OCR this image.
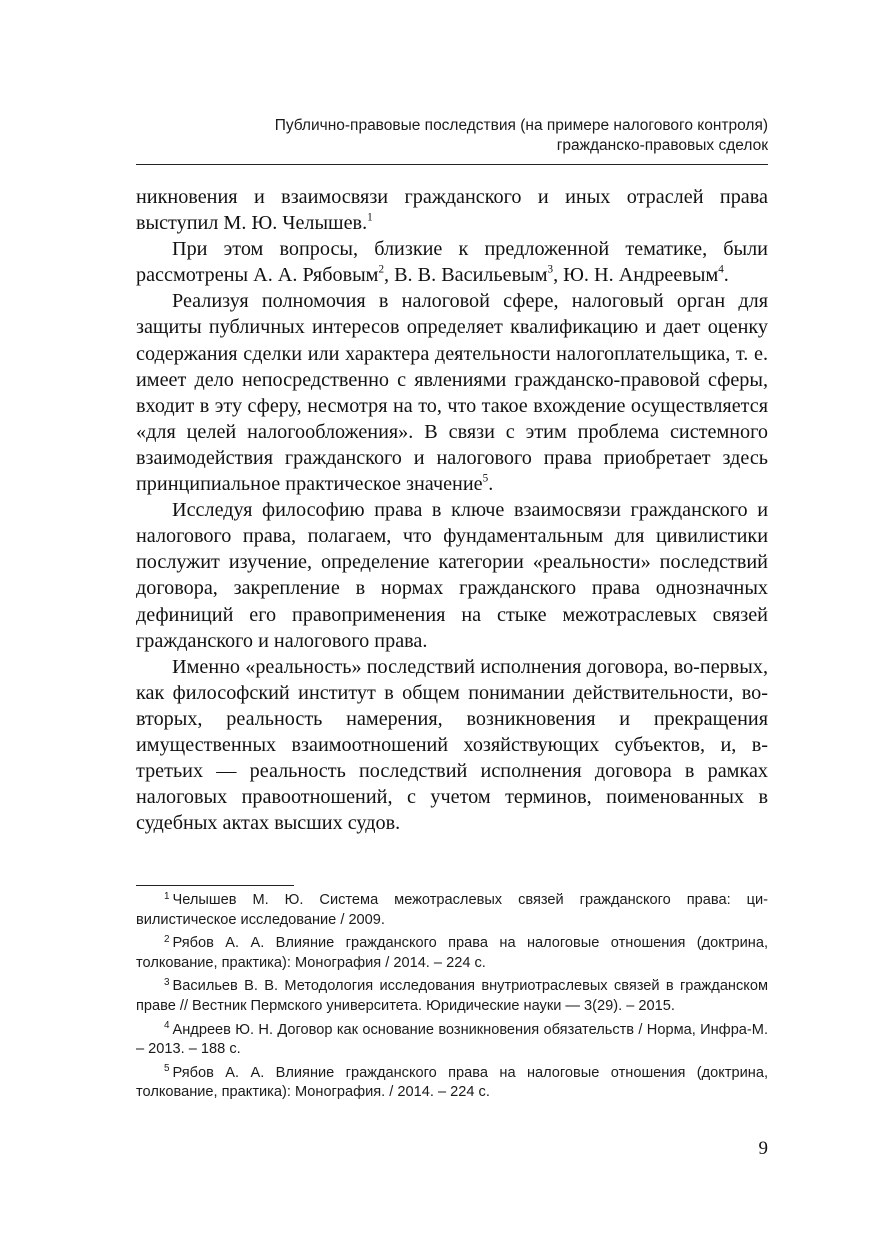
Публично-правовые последствия (на примере налогового контроля)
гражданско-правовых сделок

никновения и взаимосвязи гражданского и иных отраслей права выступил М. Ю. Челышев.$^1$

При этом вопросы, близкие к предложенной тематике, были рассмотрены А. А. Рябовым$^2$, В. В. Васильевым$^3$, Ю. Н. Андреевым$^4$.

Реализуя полномочия в налоговой сфере, налоговый орган для защиты публичных интересов определяет квалификацию и дает оценку содержания сделки или характера деятельности налогоплательщика, т. е. имеет дело непосредственно с явлениями гражданско-правовой сферы, входит в эту сферу, несмотря на то, что такое вхождение осуществляется «для целей налогообложения». В связи с этим проблема системного взаимодействия гражданского и налогового права приобретает здесь принципиальное практическое значение$^5$.

Исследуя философию права в ключе взаимосвязи гражданского и налогового права, полагаем, что фундаментальным для цивилистики послужит изучение, определение категории «реальности» последствий договора, закрепление в нормах гражданского права однозначных дефиниций его правоприменения на стыке межотраслевых связей гражданского и налогового права.

Именно «реальность» последствий исполнения договора, во-первых, как философский институт в общем понимании действительности, во-вторых, реальность намерения, возникновения и прекращения имущественных взаимоотношений хозяйствующих субъектов, и, в-третьих — реальность последствий исполнения договора в рамках налоговых правоотношений, с учетом терминов, поименованных в судебных актах высших судов.

$^1$ Челышев М. Ю. Система межотраслевых связей гражданского права: цивилистическое исследование / 2009.

$^2$ Рябов А. А. Влияние гражданского права на налоговые отношения (доктрина, толкование, практика): Монография / 2014. – 224 с.

$^3$ Васильев В. В. Методология исследования внутриотраслевых связей в гражданском праве // Вестник Пермского университета. Юридические науки — 3(29). – 2015.

$^4$ Андреев Ю. Н. Договор как основание возникновения обязательств / Норма, Инфра-М. – 2013. – 188 с.

$^5$ Рябов А. А. Влияние гражданского права на налоговые отношения (доктрина, толкование, практика): Монография. / 2014. – 224 с.

9
